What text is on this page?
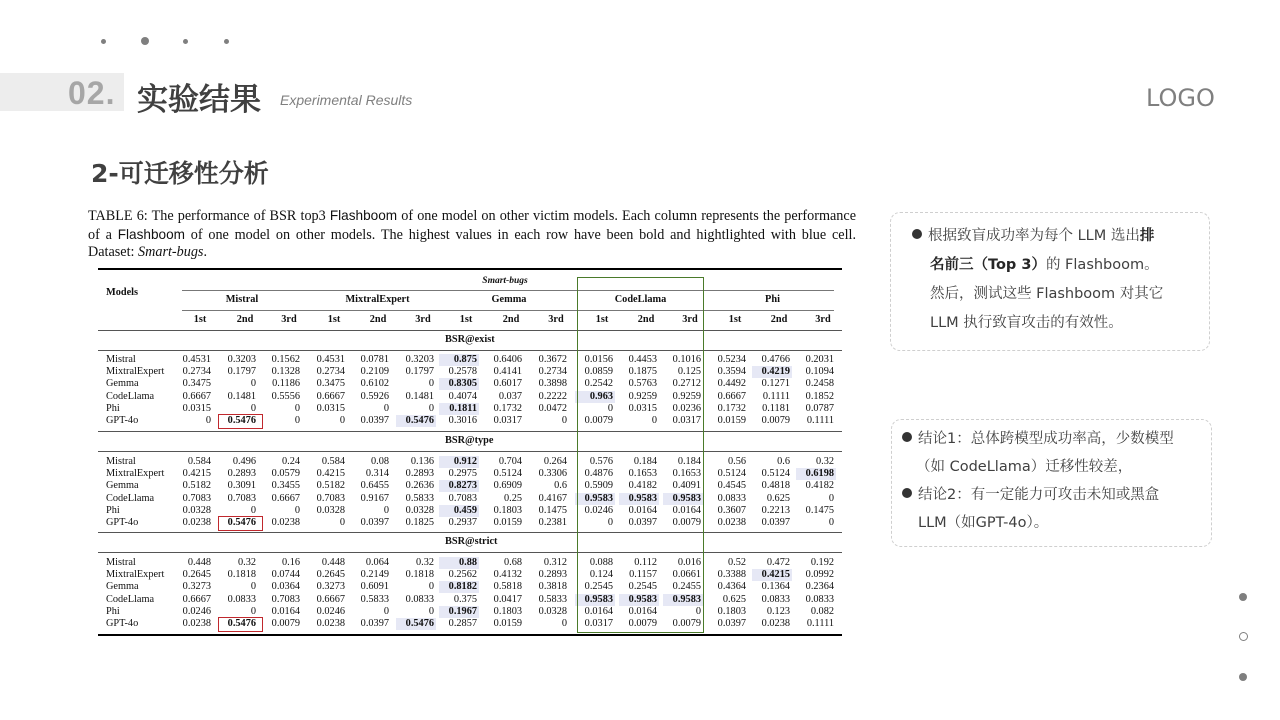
02. 实验结果 Experimental Results	LOGO
2-可迁移性分析
TABLE 6: The performance of BSR top3 Flashboom of one model on other victim models. Each column represents the performance of a Flashboom of one model on other models. The highest values in each row have been bold and hightlighted with blue cell. Dataset: Smart-bugs.
Models
Smart-bugs
Mistral	MixtralExpert	Gemma	CodeLlama	Phi
1st	2nd	3rd	1st	2nd	3rd	1st	2nd	3rd	1st	2nd	3rd	1st	2nd	3rd
BSR@exist
Mistral	0.4531	0.3203	0.1562	0.4531	0.0781	0.3203	0.875	0.6406	0.3672	0.0156	0.4453	0.1016	0.5234	0.4766	0.2031
MixtralExpert	0.2734	0.1797	0.1328	0.2734	0.2109	0.1797	0.2578	0.4141	0.2734	0.0859	0.1875	0.125	0.3594	0.4219	0.1094
Gemma	0.3475	0	0.1186	0.3475	0.6102	0	0.8305	0.6017	0.3898	0.2542	0.5763	0.2712	0.4492	0.1271	0.2458
CodeLlama	0.6667	0.1481	0.5556	0.6667	0.5926	0.1481	0.4074	0.037	0.2222	0.963	0.9259	0.9259	0.6667	0.1111	0.1852
Phi	0.0315	0	0	0.0315	0	0	0.1811	0.1732	0.0472	0	0.0315	0.0236	0.1732	0.1181	0.0787
GPT-4o	0	0.5476	0	0	0.0397	0.5476	0.3016	0.0317	0	0.0079	0	0.0317	0.0159	0.0079	0.1111
BSR@type
Mistral	0.584	0.496	0.24	0.584	0.08	0.136	0.912	0.704	0.264	0.576	0.184	0.184	0.56	0.6	0.32
MixtralExpert	0.4215	0.2893	0.0579	0.4215	0.314	0.2893	0.2975	0.5124	0.3306	0.4876	0.1653	0.1653	0.5124	0.5124	0.6198
Gemma	0.5182	0.3091	0.3455	0.5182	0.6455	0.2636	0.8273	0.6909	0.6	0.5909	0.4182	0.4091	0.4545	0.4818	0.4182
CodeLlama	0.7083	0.7083	0.6667	0.7083	0.9167	0.5833	0.7083	0.25	0.4167	0.9583	0.9583	0.9583	0.0833	0.625	0
Phi	0.0328	0	0	0.0328	0	0.0328	0.459	0.1803	0.1475	0.0246	0.0164	0.0164	0.3607	0.2213	0.1475
GPT-4o	0.0238	0.5476	0.0238	0	0.0397	0.1825	0.2937	0.0159	0.2381	0	0.0397	0.0079	0.0238	0.0397	0
BSR@strict
Mistral	0.448	0.32	0.16	0.448	0.064	0.32	0.88	0.68	0.312	0.088	0.112	0.016	0.52	0.472	0.192
MixtralExpert	0.2645	0.1818	0.0744	0.2645	0.2149	0.1818	0.2562	0.4132	0.2893	0.124	0.1157	0.0661	0.3388	0.4215	0.0992
Gemma	0.3273	0	0.0364	0.3273	0.6091	0	0.8182	0.5818	0.3818	0.2545	0.2545	0.2455	0.4364	0.1364	0.2364
CodeLlama	0.6667	0.0833	0.7083	0.6667	0.5833	0.0833	0.375	0.0417	0.5833	0.9583	0.9583	0.9583	0.625	0.0833	0.0833
Phi	0.0246	0	0.0164	0.0246	0	0	0.1967	0.1803	0.0328	0.0164	0.0164	0	0.1803	0.123	0.082
GPT-4o	0.0238	0.5476	0.0079	0.0238	0.0397	0.5476	0.2857	0.0159	0	0.0317	0.0079	0.0079	0.0397	0.0238	0.1111
根据致盲成功率为每个 LLM 选出排
名前三（Top 3）的 Flashboom。
然后，测试这些 Flashboom 对其它
LLM 执行致盲攻击的有效性。
结论1：总体跨模型成功率高，少数模型
（如 CodeLlama）迁移性较差，
结论2：有一定能力可攻击未知或黑盒
LLM（如GPT-4o）。
